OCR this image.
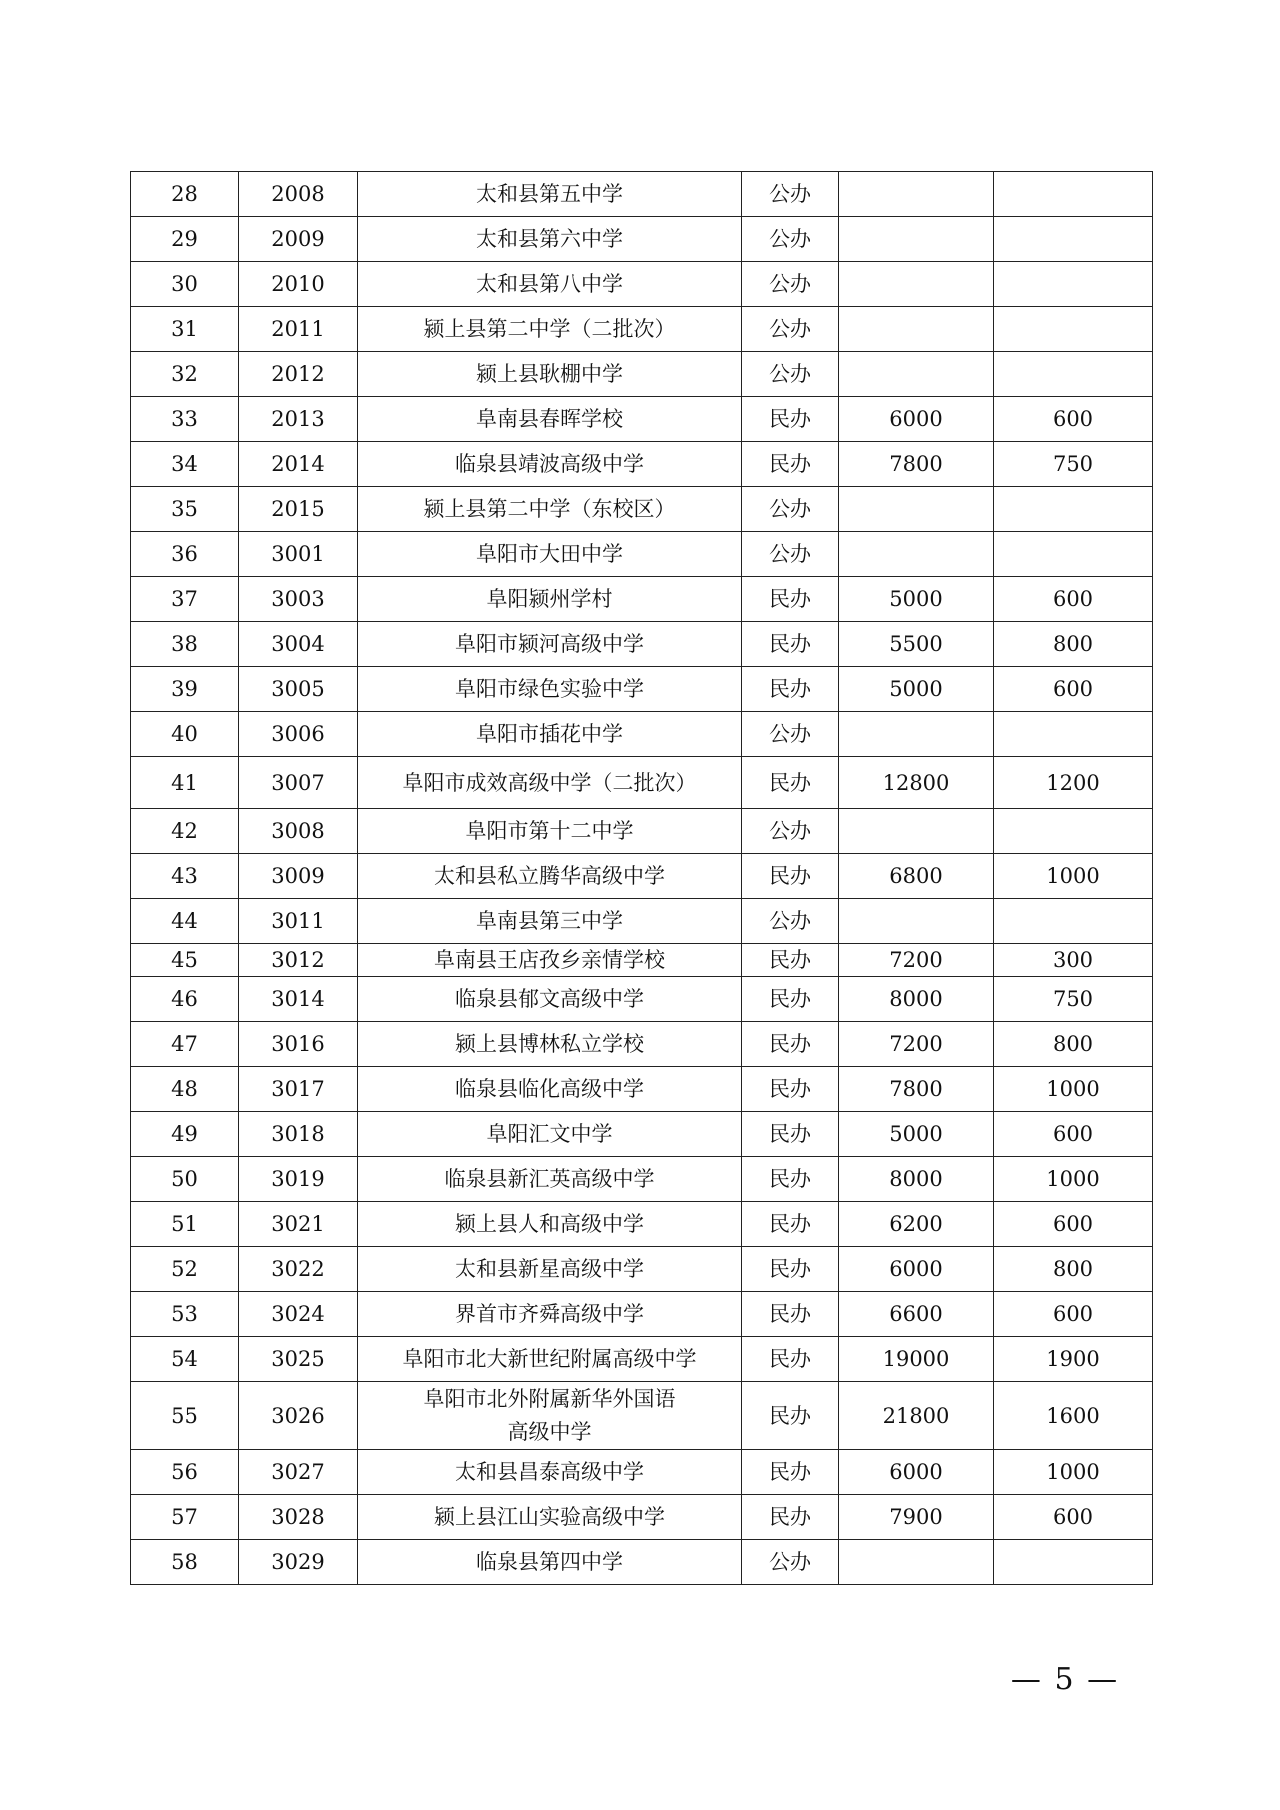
28	2008	太和县第五中学	公办		
29	2009	太和县第六中学	公办		
30	2010	太和县第八中学	公办		
31	2011	颍上县第二中学（二批次）	公办		
32	2012	颍上县耿棚中学	公办		
33	2013	阜南县春晖学校	民办	6000	600
34	2014	临泉县靖波高级中学	民办	7800	750
35	2015	颍上县第二中学（东校区）	公办		
36	3001	阜阳市大田中学	公办		
37	3003	阜阳颍州学村	民办	5000	600
38	3004	阜阳市颍河高级中学	民办	5500	800
39	3005	阜阳市绿色实验中学	民办	5000	600
40	3006	阜阳市插花中学	公办		
41	3007	阜阳市成效高级中学（二批次）	民办	12800	1200
42	3008	阜阳市第十二中学	公办		
43	3009	太和县私立腾华高级中学	民办	6800	1000
44	3011	阜南县第三中学	公办		
45	3012	阜南县王店孜乡亲情学校	民办	7200	300
46	3014	临泉县郁文高级中学	民办	8000	750
47	3016	颍上县博林私立学校	民办	7200	800
48	3017	临泉县临化高级中学	民办	7800	1000
49	3018	阜阳汇文中学	民办	5000	600
50	3019	临泉县新汇英高级中学	民办	8000	1000
51	3021	颍上县人和高级中学	民办	6200	600
52	3022	太和县新星高级中学	民办	6000	800
53	3024	界首市齐舜高级中学	民办	6600	600
54	3025	阜阳市北大新世纪附属高级中学	民办	19000	1900
55	3026	阜阳市北外附属新华外国语
高级中学	民办	21800	1600
56	3027	太和县昌泰高级中学	民办	6000	1000
57	3028	颍上县江山实验高级中学	民办	7900	600
58	3029	临泉县第四中学	公办		
— 5 —
